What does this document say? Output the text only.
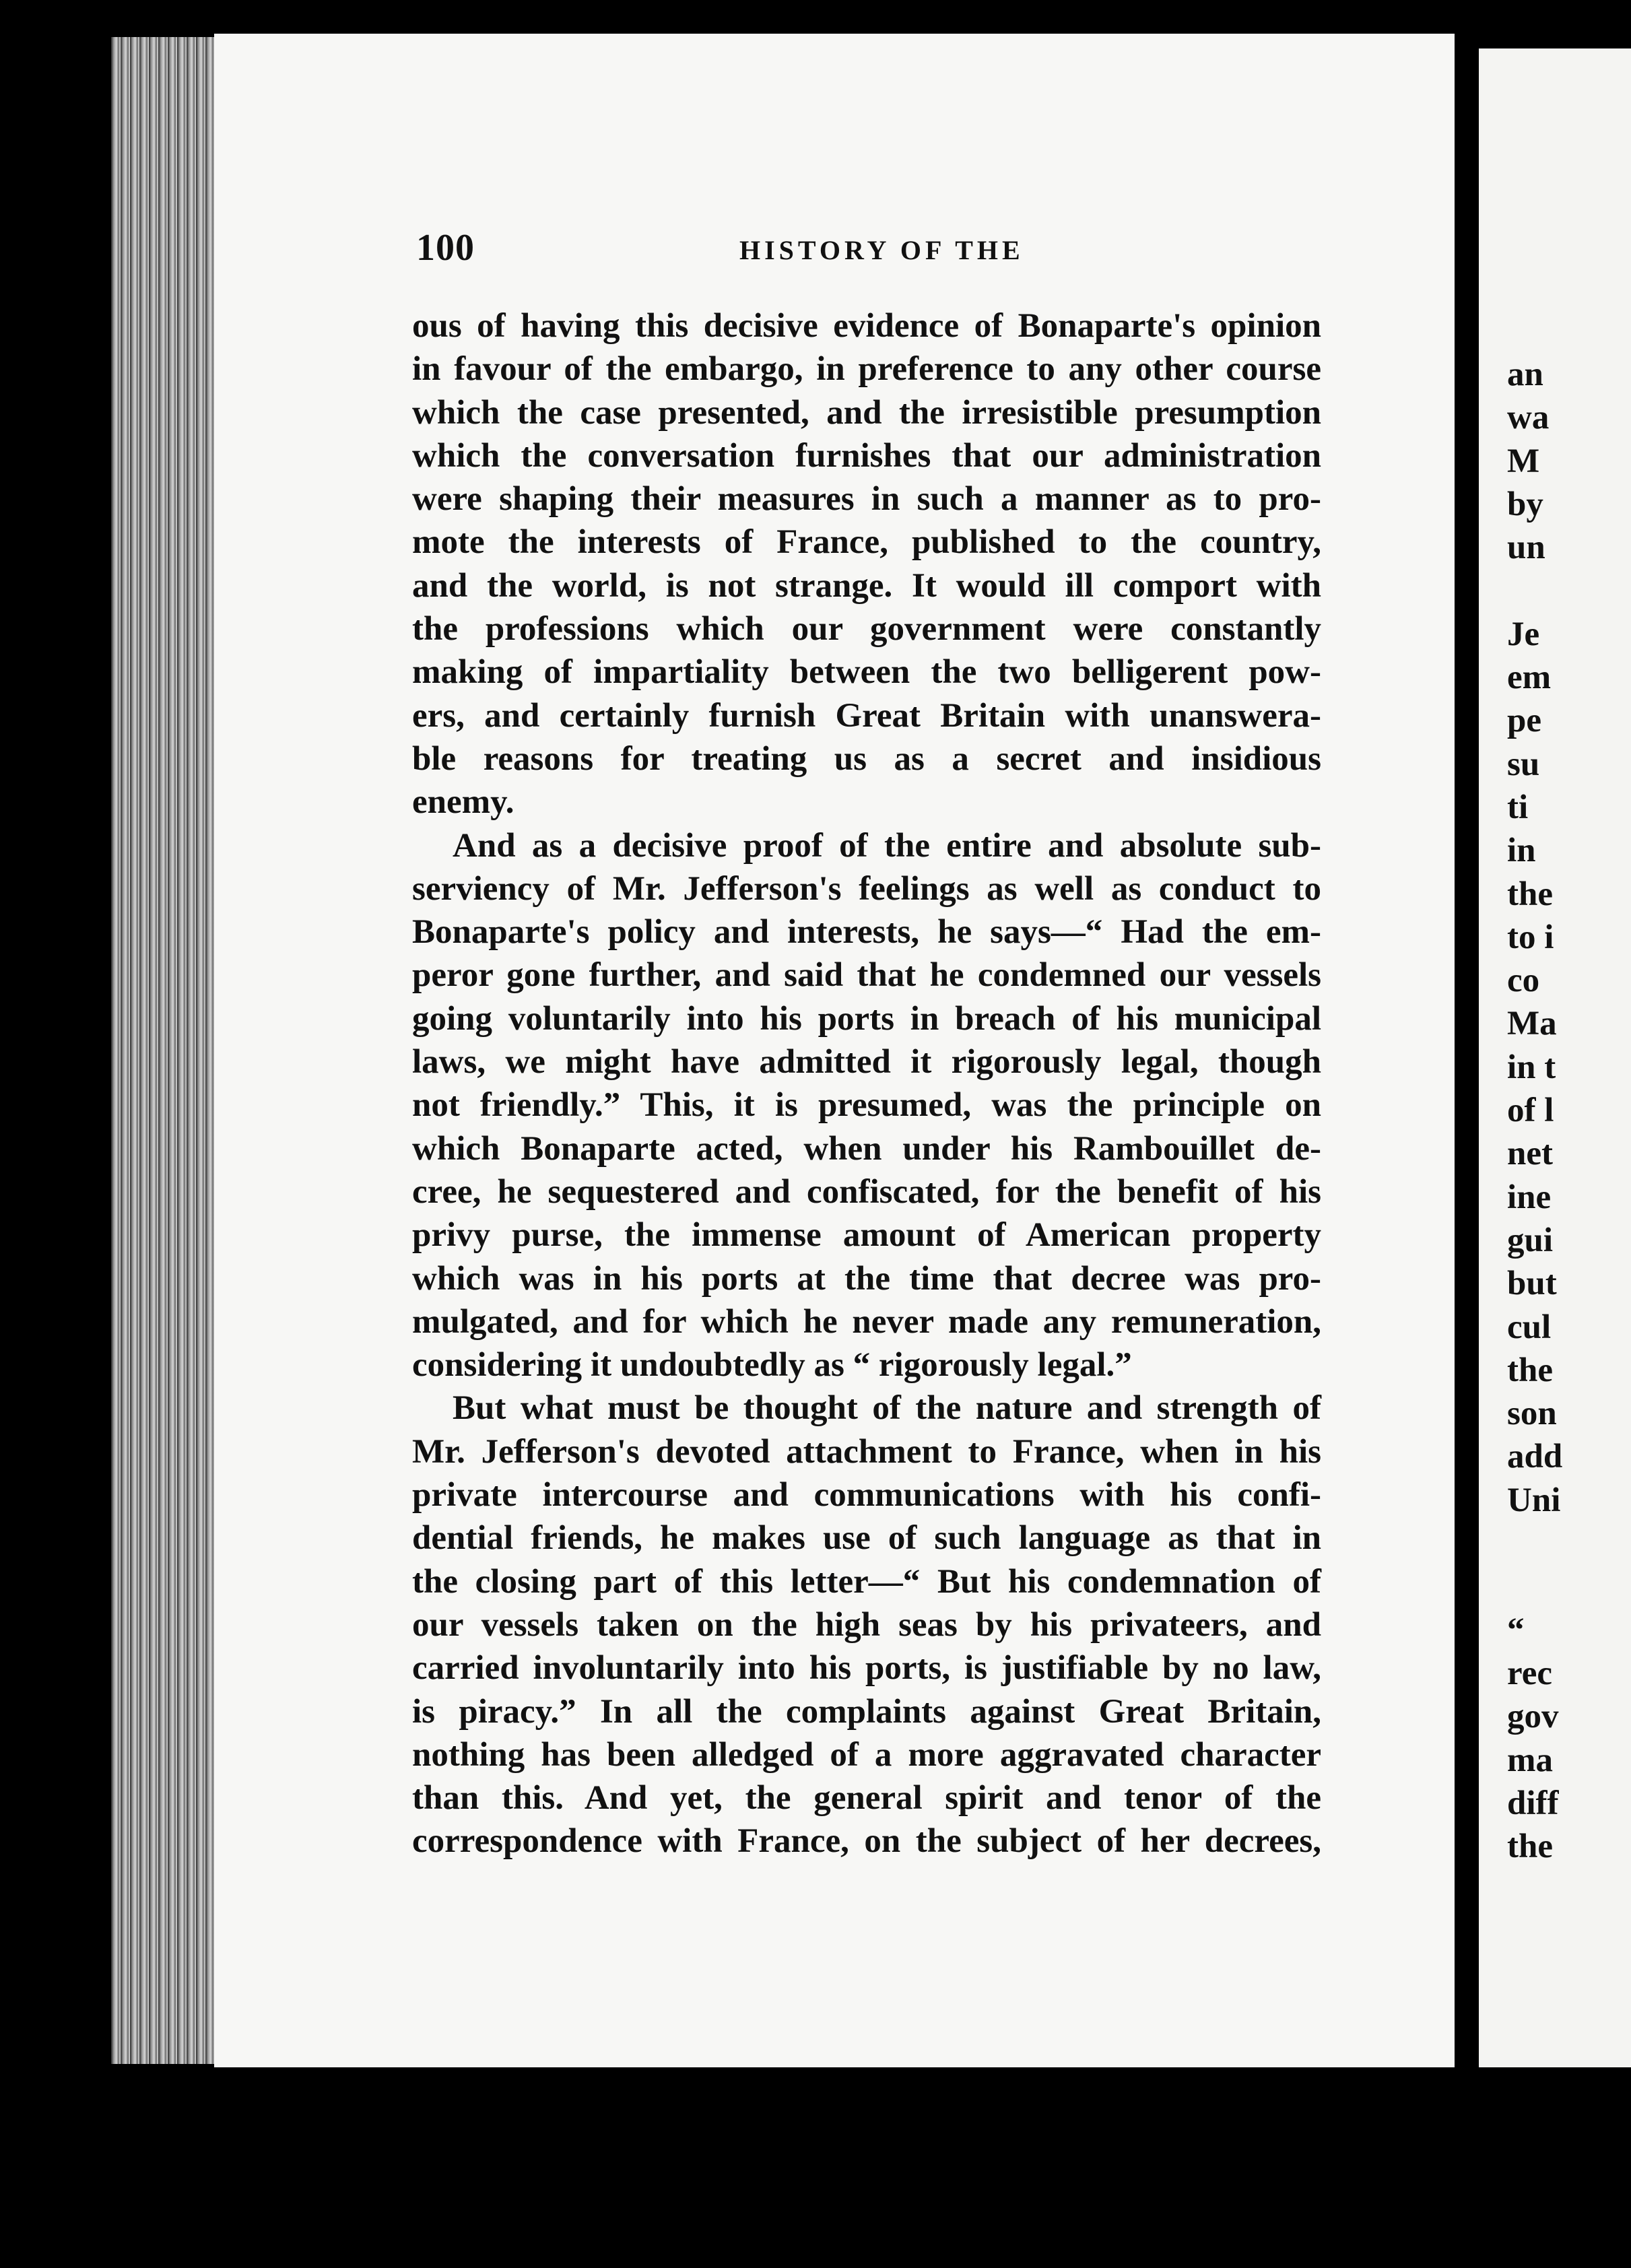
100	HISTORY OF THE
ous of having this decisive evidence of Bonaparte's opinion
in favour of the embargo, in preference to any other course
which the case presented, and the irresistible presumption
which the conversation furnishes that our administration
were shaping their measures in such a manner as to pro-
mote the interests of France, published to the country,
and the world, is not strange. It would ill comport with
the professions which our government were constantly
making of impartiality between the two belligerent pow-
ers, and certainly furnish Great Britain with unanswera-
ble reasons for treating us as a secret and insidious
enemy.
And as a decisive proof of the entire and absolute sub-
serviency of Mr. Jefferson's feelings as well as conduct to
Bonaparte's policy and interests, he says—“ Had the em-
peror gone further, and said that he condemned our vessels
going voluntarily into his ports in breach of his municipal
laws, we might have admitted it rigorously legal, though
not friendly.” This, it is presumed, was the principle on
which Bonaparte acted, when under his Rambouillet de-
cree, he sequestered and confiscated, for the benefit of his
privy purse, the immense amount of American property
which was in his ports at the time that decree was pro-
mulgated, and for which he never made any remuneration,
considering it undoubtedly as “ rigorously legal.”
But what must be thought of the nature and strength of
Mr. Jefferson's devoted attachment to France, when in his
private intercourse and communications with his confi-
dential friends, he makes use of such language as that in
the closing part of this letter—“ But his condemnation of
our vessels taken on the high seas by his privateers, and
carried involuntarily into his ports, is justifiable by no law,
is piracy.” In all the complaints against Great Britain,
nothing has been alledged of a more aggravated character
than this. And yet, the general spirit and tenor of the
correspondence with France, on the subject of her decrees,
an
wa
M
by
un
Je
em
pe
su
ti
in
the
to i
co
Ma
in t
of l
net
ine
gui
but
cul
the
son
add
Uni
“
rec
gov
ma
diff
the
